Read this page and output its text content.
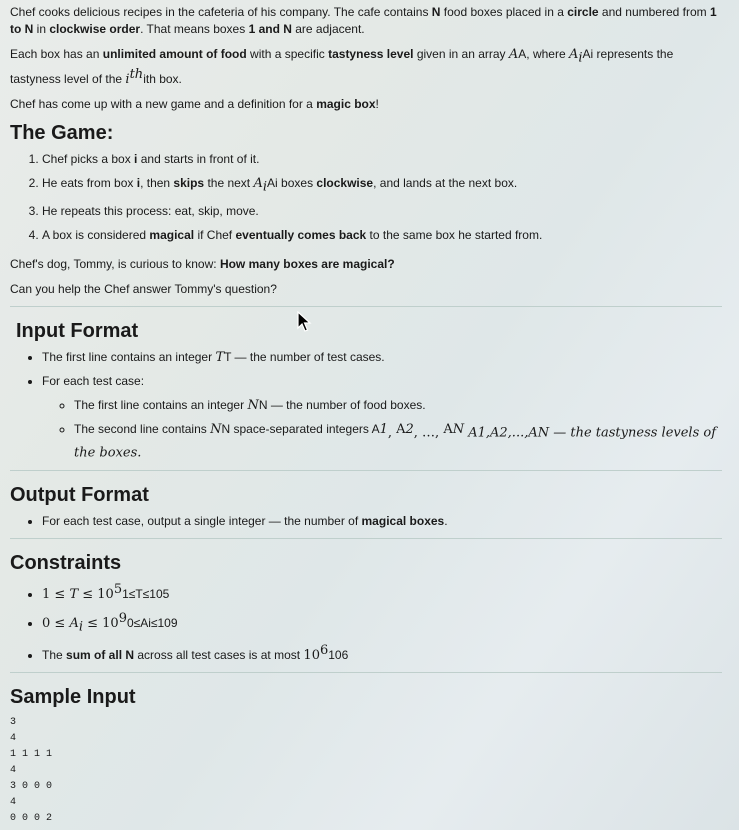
Chef cooks delicious recipes in the cafeteria of his company. The cafe contains N food boxes placed in a circle and numbered from 1 to N in clockwise order. That means boxes 1 and N are adjacent.

Each box has an unlimited amount of food with a specific tastyness level given in an array AA, where $A_iAi$ represents the tastyness level of the $i^{th}ith$ box.

Chef has come up with a new game and a definition for a magic box!

The Game:
1. Chef picks a box i and starts in front of it.
2. He eats from box i, then skips the next $A_iAi$ boxes clockwise, and lands at the next box.
3. He repeats this process: eat, skip, move.
4. A box is considered magical if Chef eventually comes back to the same box he started from.

Chef's dog, Tommy, is curious to know: How many boxes are magical?

Can you help the Chef answer Tommy's question?

Input Format
• The first line contains an integer TT — the number of test cases.
• For each test case:
◦ The first line contains an integer NN — the number of food boxes.
◦ The second line contains NN space-separated integers $A1_,$ $A2_{, \dots,}$ AN $_{A1,A2,...,AN — the tastyness levels of the boxes.}$
Output Format
• For each test case, output a single integer — the number of magical boxes.
Constraints
• $1 \le T \le 10^51\le T\le 105$
• $0 \le A_i \le 10^90\le Ai\le 109$
• The sum of all N across all test cases is at most $10^6106$
Sample Input
3
4
1 1 1 1
4
3 0 0 0
4
0 0 0 2
